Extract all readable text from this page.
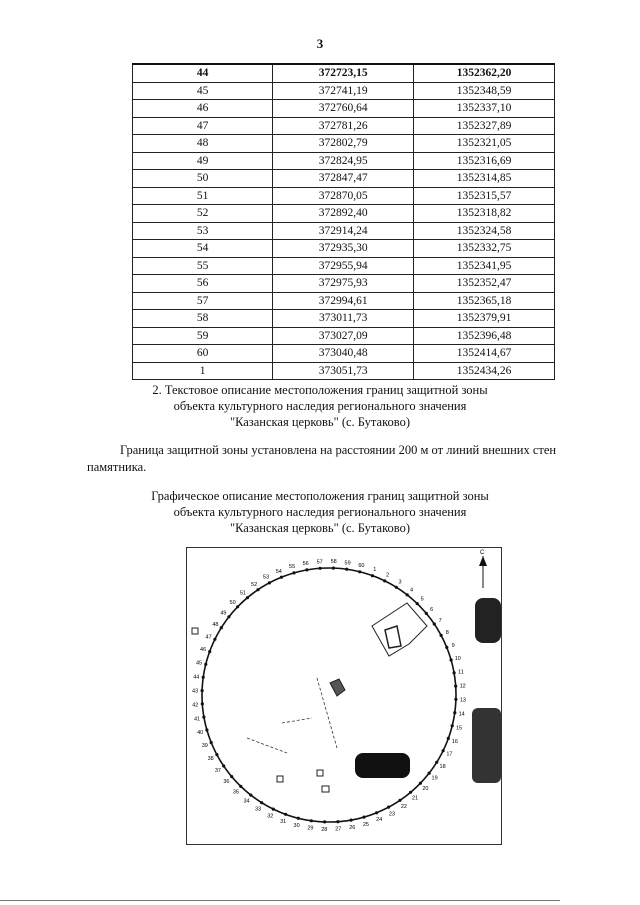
3
44	372723,15	1352362,20
45	372741,19	1352348,59
46	372760,64	1352337,10
47	372781,26	1352327,89
48	372802,79	1352321,05
49	372824,95	1352316,69
50	372847,47	1352314,85
51	372870,05	1352315,57
52	372892,40	1352318,82
53	372914,24	1352324,58
54	372935,30	1352332,75
55	372955,94	1352341,95
56	372975,93	1352352,47
57	372994,61	1352365,18
58	373011,73	1352379,91
59	373027,09	1352396,48
60	373040,48	1352414,67
1	373051,73	1352434,26
2. Текстовое описание местоположения границ защитной зоны
объекта культурного наследия регионального значения
"Казанская церковь" (с. Бутаково)
Граница защитной зоны установлена на расстоянии 200 м от линий внешних стен
памятника.
Графическое описание местоположения границ защитной зоны
объекта культурного наследия регионального значения
"Казанская церковь" (с. Бутаково)
С
1
2
3
4
5
6
7
8
9
10
11
12
13
14
15
16
17
18
19
20
21
22
23
24
25
26
27
28
29
30
31
32
33
34
35
36
37
38
39
40
41
42
43
44
45
46
47
48
49
50
51
52
53
54
55
56 57 58 59 60
